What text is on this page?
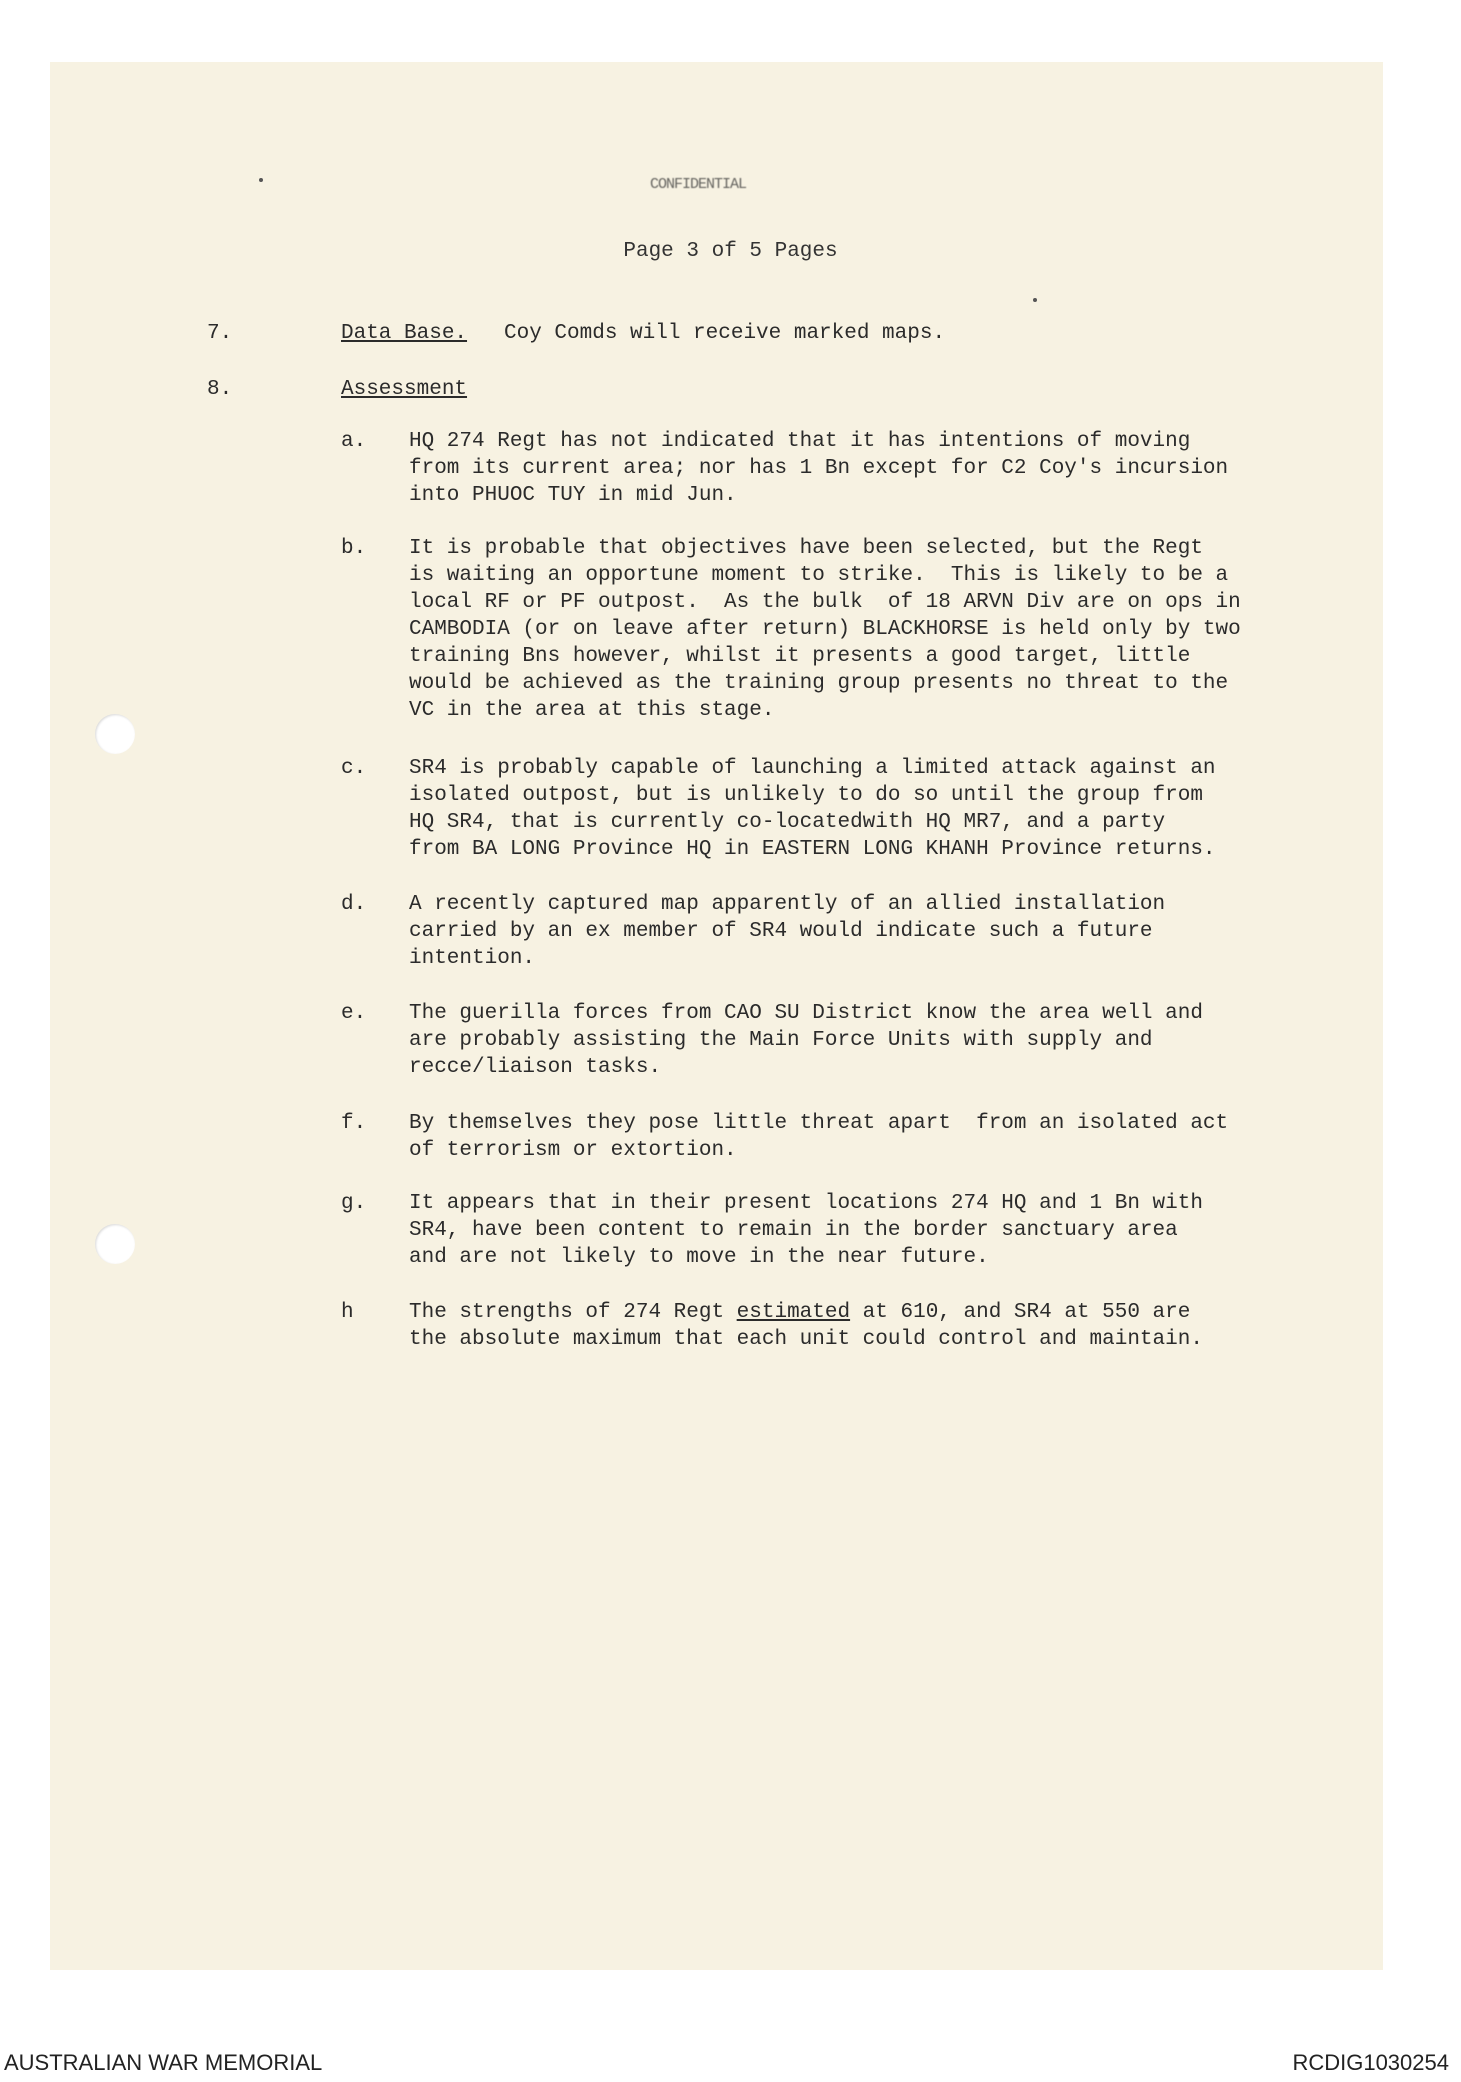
CONFIDENTIAL
Page 3 of 5 Pages
7.	Data Base. Coy Comds will receive marked maps.
8.	Assessment
a. HQ 274 Regt has not indicated that it has intentions of moving
from its current area; nor has 1 Bn except for C2 Coy's incursion
into PHUOC TUY in mid Jun.
b. It is probable that objectives have been selected, but the Regt
is waiting an opportune moment to strike.  This is likely to be a
local RF or PF outpost.  As the bulk  of 18 ARVN Div are on ops in
CAMBODIA (or on leave after return) BLACKHORSE is held only by two
training Bns however, whilst it presents a good target, little
would be achieved as the training group presents no threat to the
VC in the area at this stage.
c. SR4 is probably capable of launching a limited attack against an
isolated outpost, but is unlikely to do so until the group from
HQ SR4, that is currently co-locatedwith HQ MR7, and a party
from BA LONG Province HQ in EASTERN LONG KHANH Province returns.
d. A recently captured map apparently of an allied installation
carried by an ex member of SR4 would indicate such a future
intention.
e. The guerilla forces from CAO SU District know the area well and
are probably assisting the Main Force Units with supply and
recce/liaison tasks.
f. By themselves they pose little threat apart  from an isolated act
of terrorism or extortion.
g. It appears that in their present locations 274 HQ and 1 Bn with
SR4, have been content to remain in the border sanctuary area
and are not likely to move in the near future.
h	The strengths of 274 Regt estimated at 610, and SR4 at 550 are
the absolute maximum that each unit could control and maintain.
AUSTRALIAN WAR MEMORIAL	RCDIG1030254
